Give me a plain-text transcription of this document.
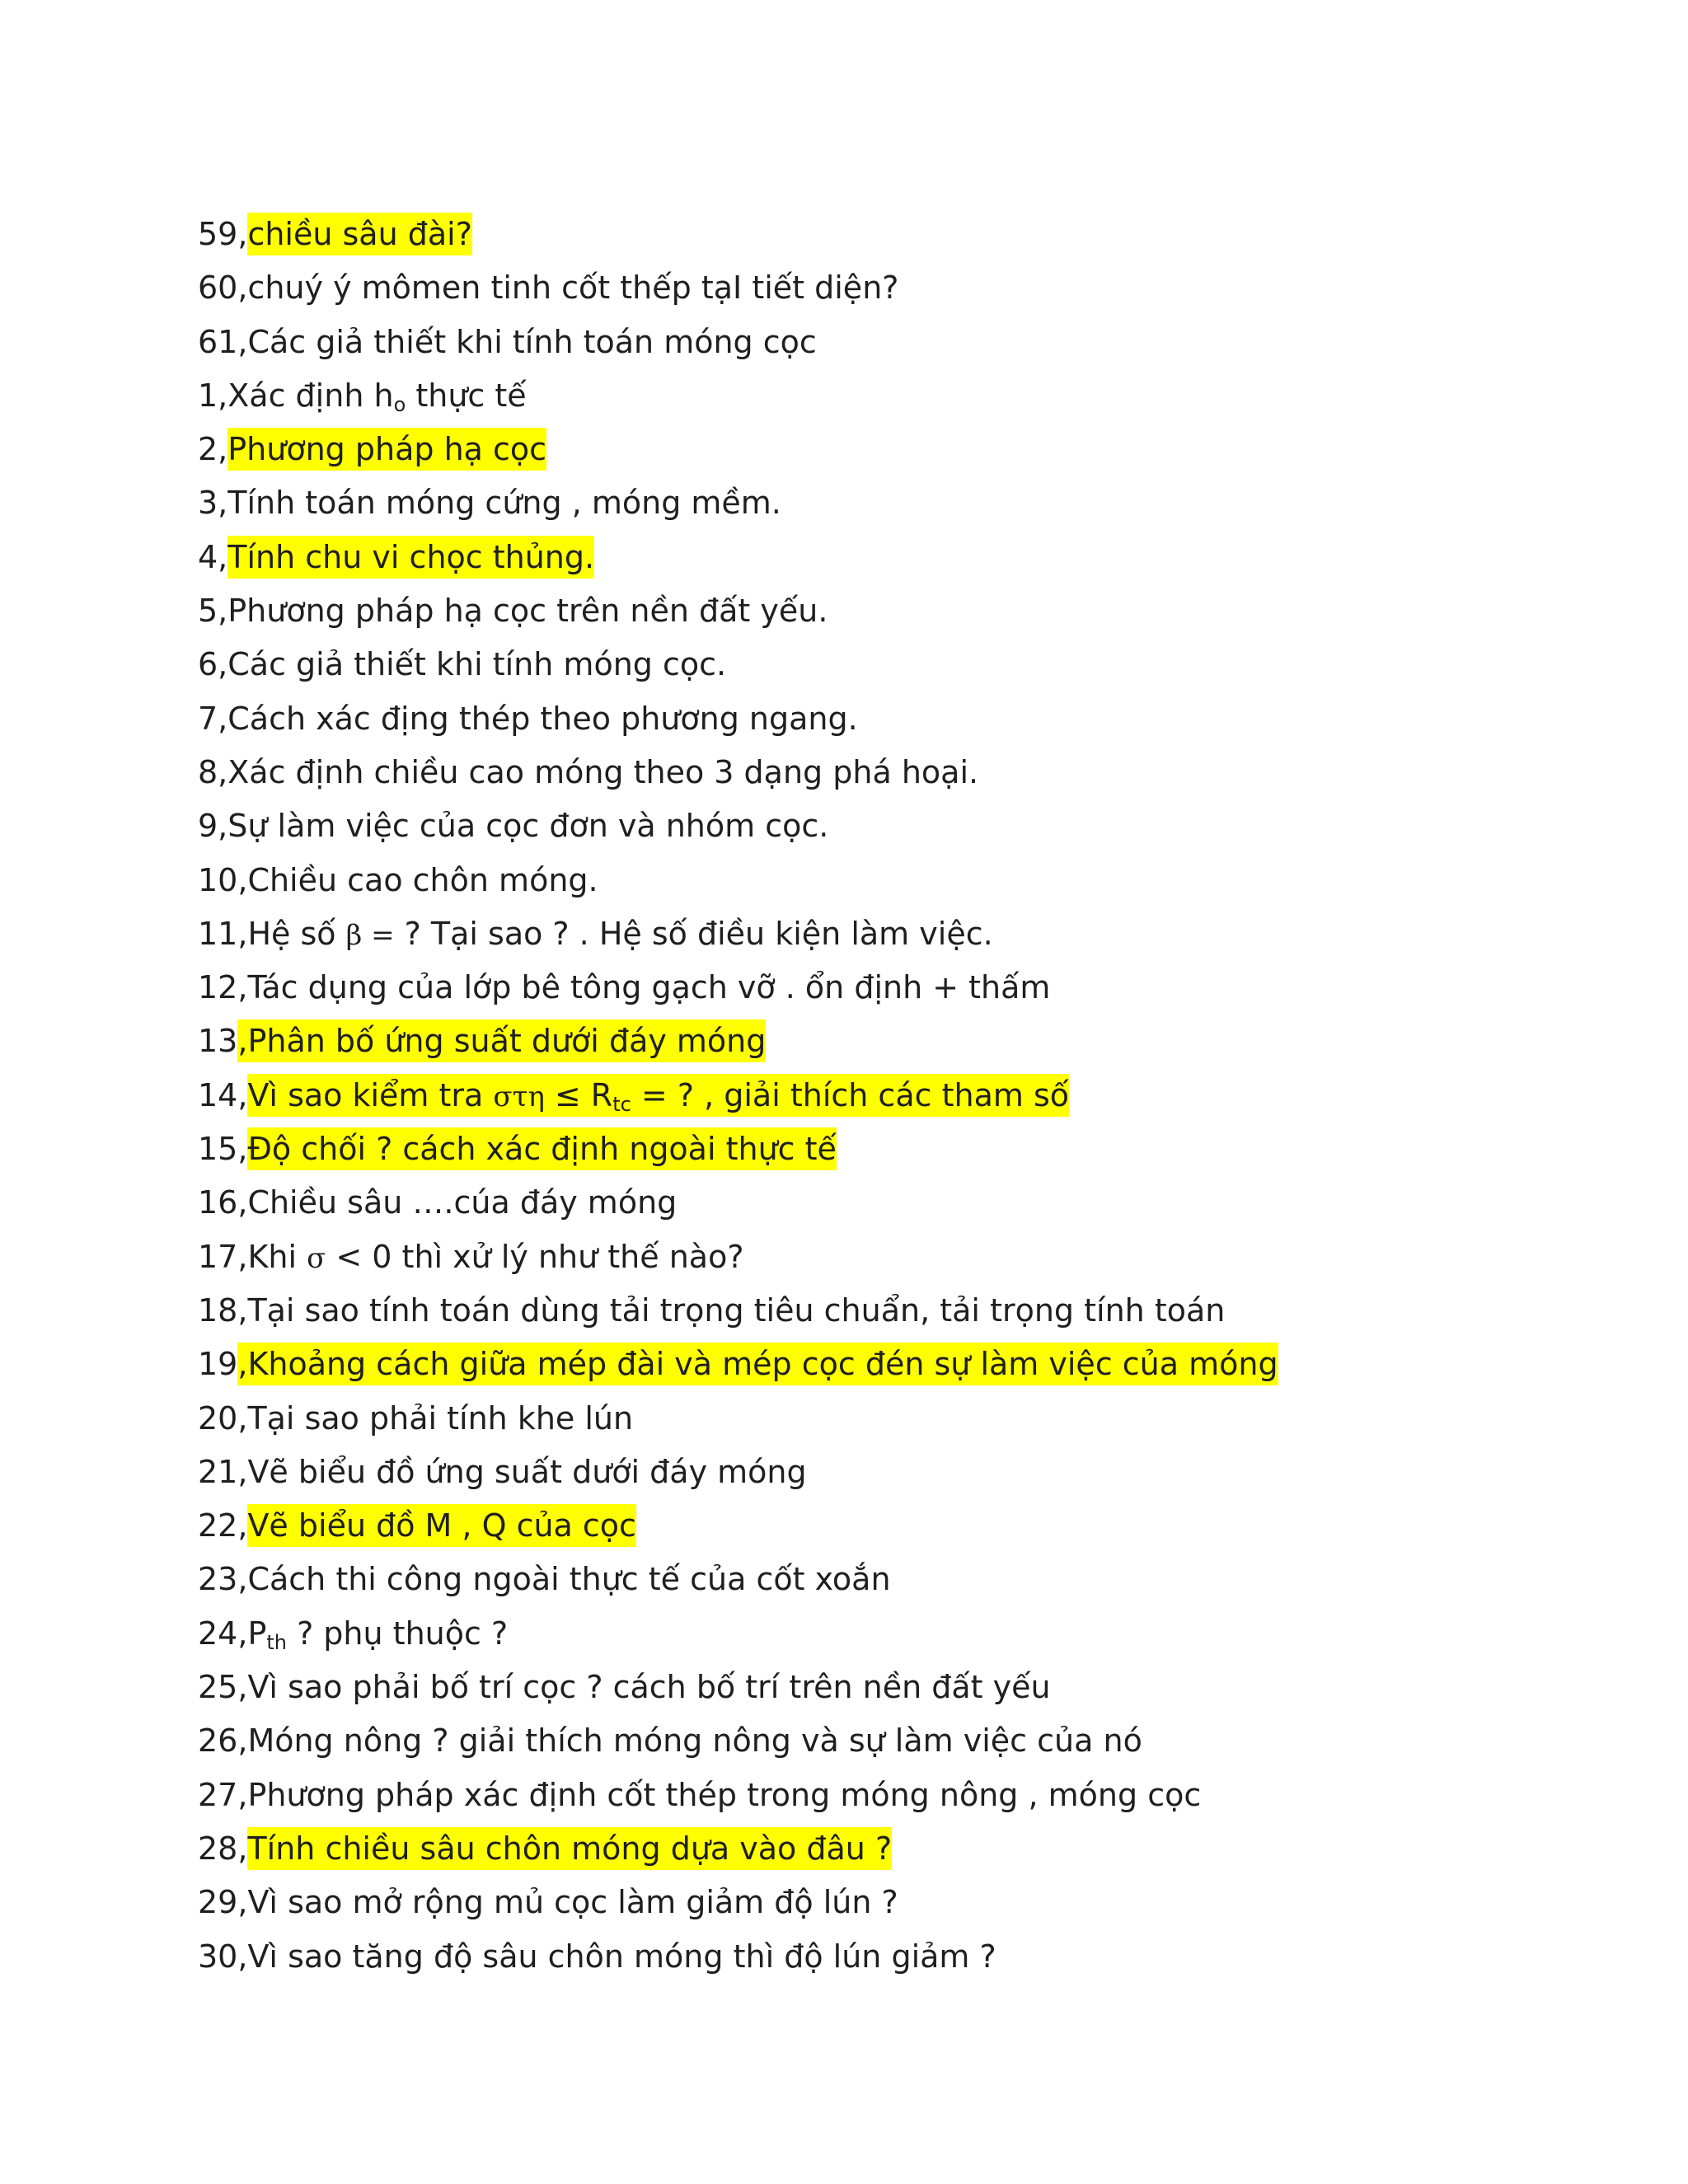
59,chiều sâu đài?
60,chuý ý mômen tinh cốt thếp tạI tiết diện?
61,Các giả thiết khi tính toán móng cọc
1,Xác định $h_o$ thực tế
2,Phương pháp hạ cọc
3,Tính toán móng cứng , móng mềm.
4,Tính chu vi chọc thủng.
5,Phương pháp hạ cọc trên nền đất yếu.
6,Các giả thiết khi tính móng cọc.
7,Cách xác địng thép theo phương ngang.
8,Xác định chiều cao móng theo 3 dạng phá hoại.
9,Sự làm việc của cọc đơn và nhóm cọc.
10,Chiều cao chôn móng.
11,Hệ số β = ? Tại sao ? . Hệ số điều kiện làm việc.
12,Tác dụng của lớp bê tông gạch vỡ . ổn định + thấm
13,Phân bố ứng suất dưới đáy móng
14,Vì sao kiểm tra $\sigma\tau\eta \le R_{tc}$ = ? , giải thích các tham số
15,Độ chối ? cách xác định ngoài thực tế
16,Chiều sâu ….cúa đáy móng
17,Khi σ < 0 thì xử lý như thế nào?
18,Tại sao tính toán dùng tải trọng tiêu chuẩn, tải trọng tính toán
19,Khoảng cách giữa mép đài và mép cọc đén sự làm việc của móng
20,Tại sao phải tính khe lún
21,Vẽ biểu đồ ứng suất dưới đáy móng
22,Vẽ biểu đồ M , Q của cọc
23,Cách thi công ngoài thực tế của cốt xoắn
$24,P_{th}$ ? phụ thuộc ?
25,Vì sao phải bố trí cọc ? cách bố trí trên nền đất yếu
26,Móng nông ? giải thích móng nông và sự làm việc của nó
27,Phương pháp xác định cốt thép trong móng nông , móng cọc
28,Tính chiều sâu chôn móng dựa vào đâu ?
29,Vì sao mở rộng mủ cọc làm giảm độ lún ?
30,Vì sao tăng độ sâu chôn móng thì độ lún giảm ?
